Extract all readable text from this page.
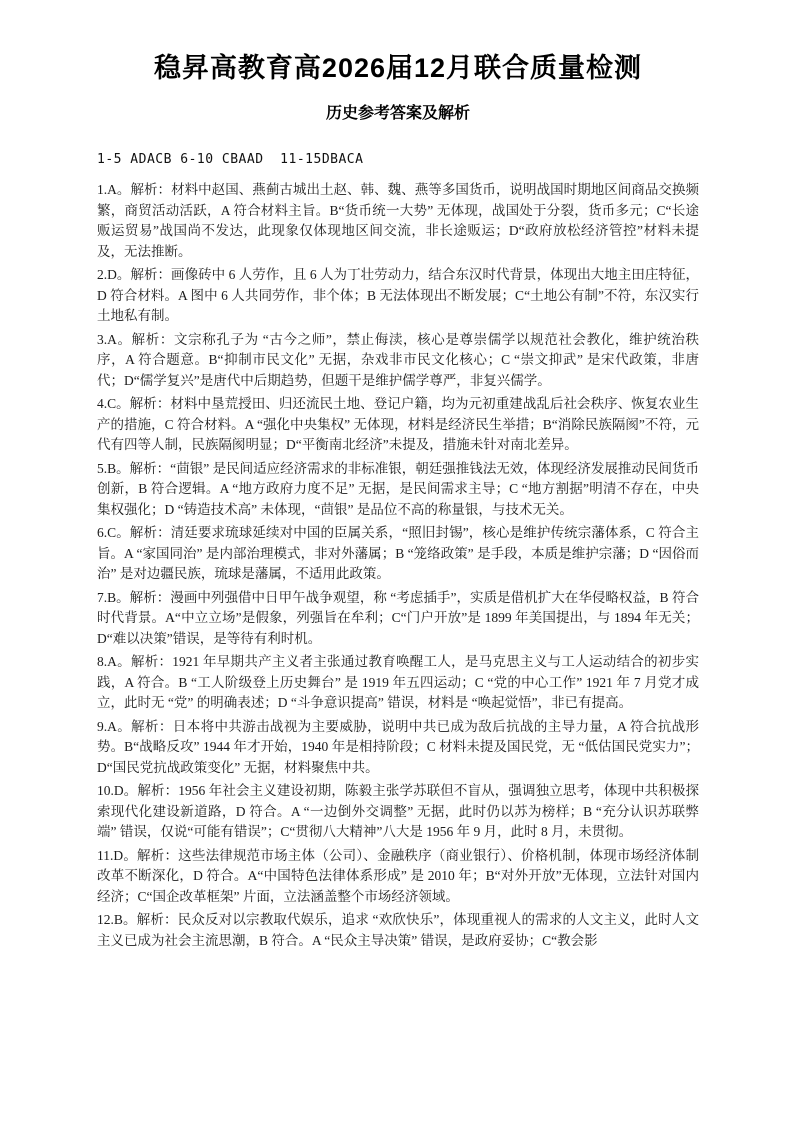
稳昇高教育高2026届12月联合质量检测
历史参考答案及解析
1-5 ADACB 6-10 CBAAD  11-15DBACA

1.A。解析：材料中赵国、燕蓟古城出土赵、韩、魏、燕等多国货币，说明战国时期地区间商品交换频繁，商贸活动活跃，A 符合材料主旨。B“货币统一大势” 无体现，战国处于分裂，货币多元；C“长途贩运贸易”战国尚不发达，此现象仅体现地区间交流，非长途贩运；D“政府放松经济管控”材料未提及，无法推断。

2.D。解析：画像砖中 6 人劳作，且 6 人为丁壮劳动力，结合东汉时代背景，体现出大地主田庄特征，D 符合材料。A 图中 6 人共同劳作，非个体；B 无法体现出不断发展；C“土地公有制”不符，东汉实行土地私有制。

3.A。解析：文宗称孔子为 “古今之师”，禁止侮渎，核心是尊崇儒学以规范社会教化，维护统治秩序，A 符合题意。B“抑制市民文化” 无据，杂戏非市民文化核心；C “崇文抑武” 是宋代政策，非唐代；D“儒学复兴”是唐代中后期趋势，但题干是维护儒学尊严，非复兴儒学。

4.C。解析：材料中垦荒授田、归还流民土地、登记户籍，均为元初重建战乱后社会秩序、恢复农业生产的措施，C 符合材料。A “强化中央集权” 无体现，材料是经济民生举措；B“消除民族隔阂”不符，元代有四等人制，民族隔阂明显；D“平衡南北经济”未提及，措施未针对南北差异。

5.B。解析：“茴银” 是民间适应经济需求的非标准银，朝廷强推钱法无效，体现经济发展推动民间货币创新，B 符合逻辑。A “地方政府力度不足” 无据，是民间需求主导；C “地方割据”明清不存在，中央集权强化；D “铸造技术高” 未体现，“茴银” 是品位不高的称量银，与技术无关。

6.C。解析：清廷要求琉球延续对中国的臣属关系，“照旧封锡”，核心是维护传统宗藩体系，C 符合主旨。A “家国同治” 是内部治理模式，非对外藩属；B “笼络政策” 是手段，本质是维护宗藩；D “因俗而治” 是对边疆民族，琉球是藩属，不适用此政策。

7.B。解析：漫画中列强借中日甲午战争观望，称 “考虑插手”，实质是借机扩大在华侵略权益，B 符合时代背景。A“中立立场”是假象，列强旨在牟利；C“门户开放”是 1899 年美国提出，与 1894 年无关；D“难以决策”错误，是等待有利时机。

8.A。解析：1921 年早期共产主义者主张通过教育唤醒工人，是马克思主义与工人运动结合的初步实践，A 符合。B “工人阶级登上历史舞台” 是 1919 年五四运动；C “党的中心工作” 1921 年 7 月党才成立，此时无 “党” 的明确表述；D “斗争意识提高” 错误，材料是 “唤起觉悟”，非已有提高。

9.A。解析：日本将中共游击战视为主要威胁，说明中共已成为敌后抗战的主导力量，A 符合抗战形势。B“战略反攻” 1944 年才开始，1940 年是相持阶段；C 材料未提及国民党，无 “低估国民党实力”；D“国民党抗战政策变化” 无据，材料聚焦中共。

10.D。解析：1956 年社会主义建设初期，陈毅主张学苏联但不盲从，强调独立思考，体现中共积极探索现代化建设新道路，D 符合。A “一边倒外交调整” 无据，此时仍以苏为榜样；B “充分认识苏联弊端” 错误，仅说“可能有错误”；C“贯彻八大精神”八大是 1956 年 9 月，此时 8 月，未贯彻。

11.D。解析：这些法律规范市场主体（公司）、金融秩序（商业银行）、价格机制，体现市场经济体制改革不断深化，D 符合。A“中国特色法律体系形成” 是 2010 年；B“对外开放”无体现，立法针对国内经济；C“国企改革框架” 片面，立法涵盖整个市场经济领域。

12.B。解析：民众反对以宗教取代娱乐，追求 “欢欣快乐”，体现重视人的需求的人文主义，此时人文主义已成为社会主流思潮，B 符合。A “民众主导决策” 错误，是政府妥协；C“教会影
